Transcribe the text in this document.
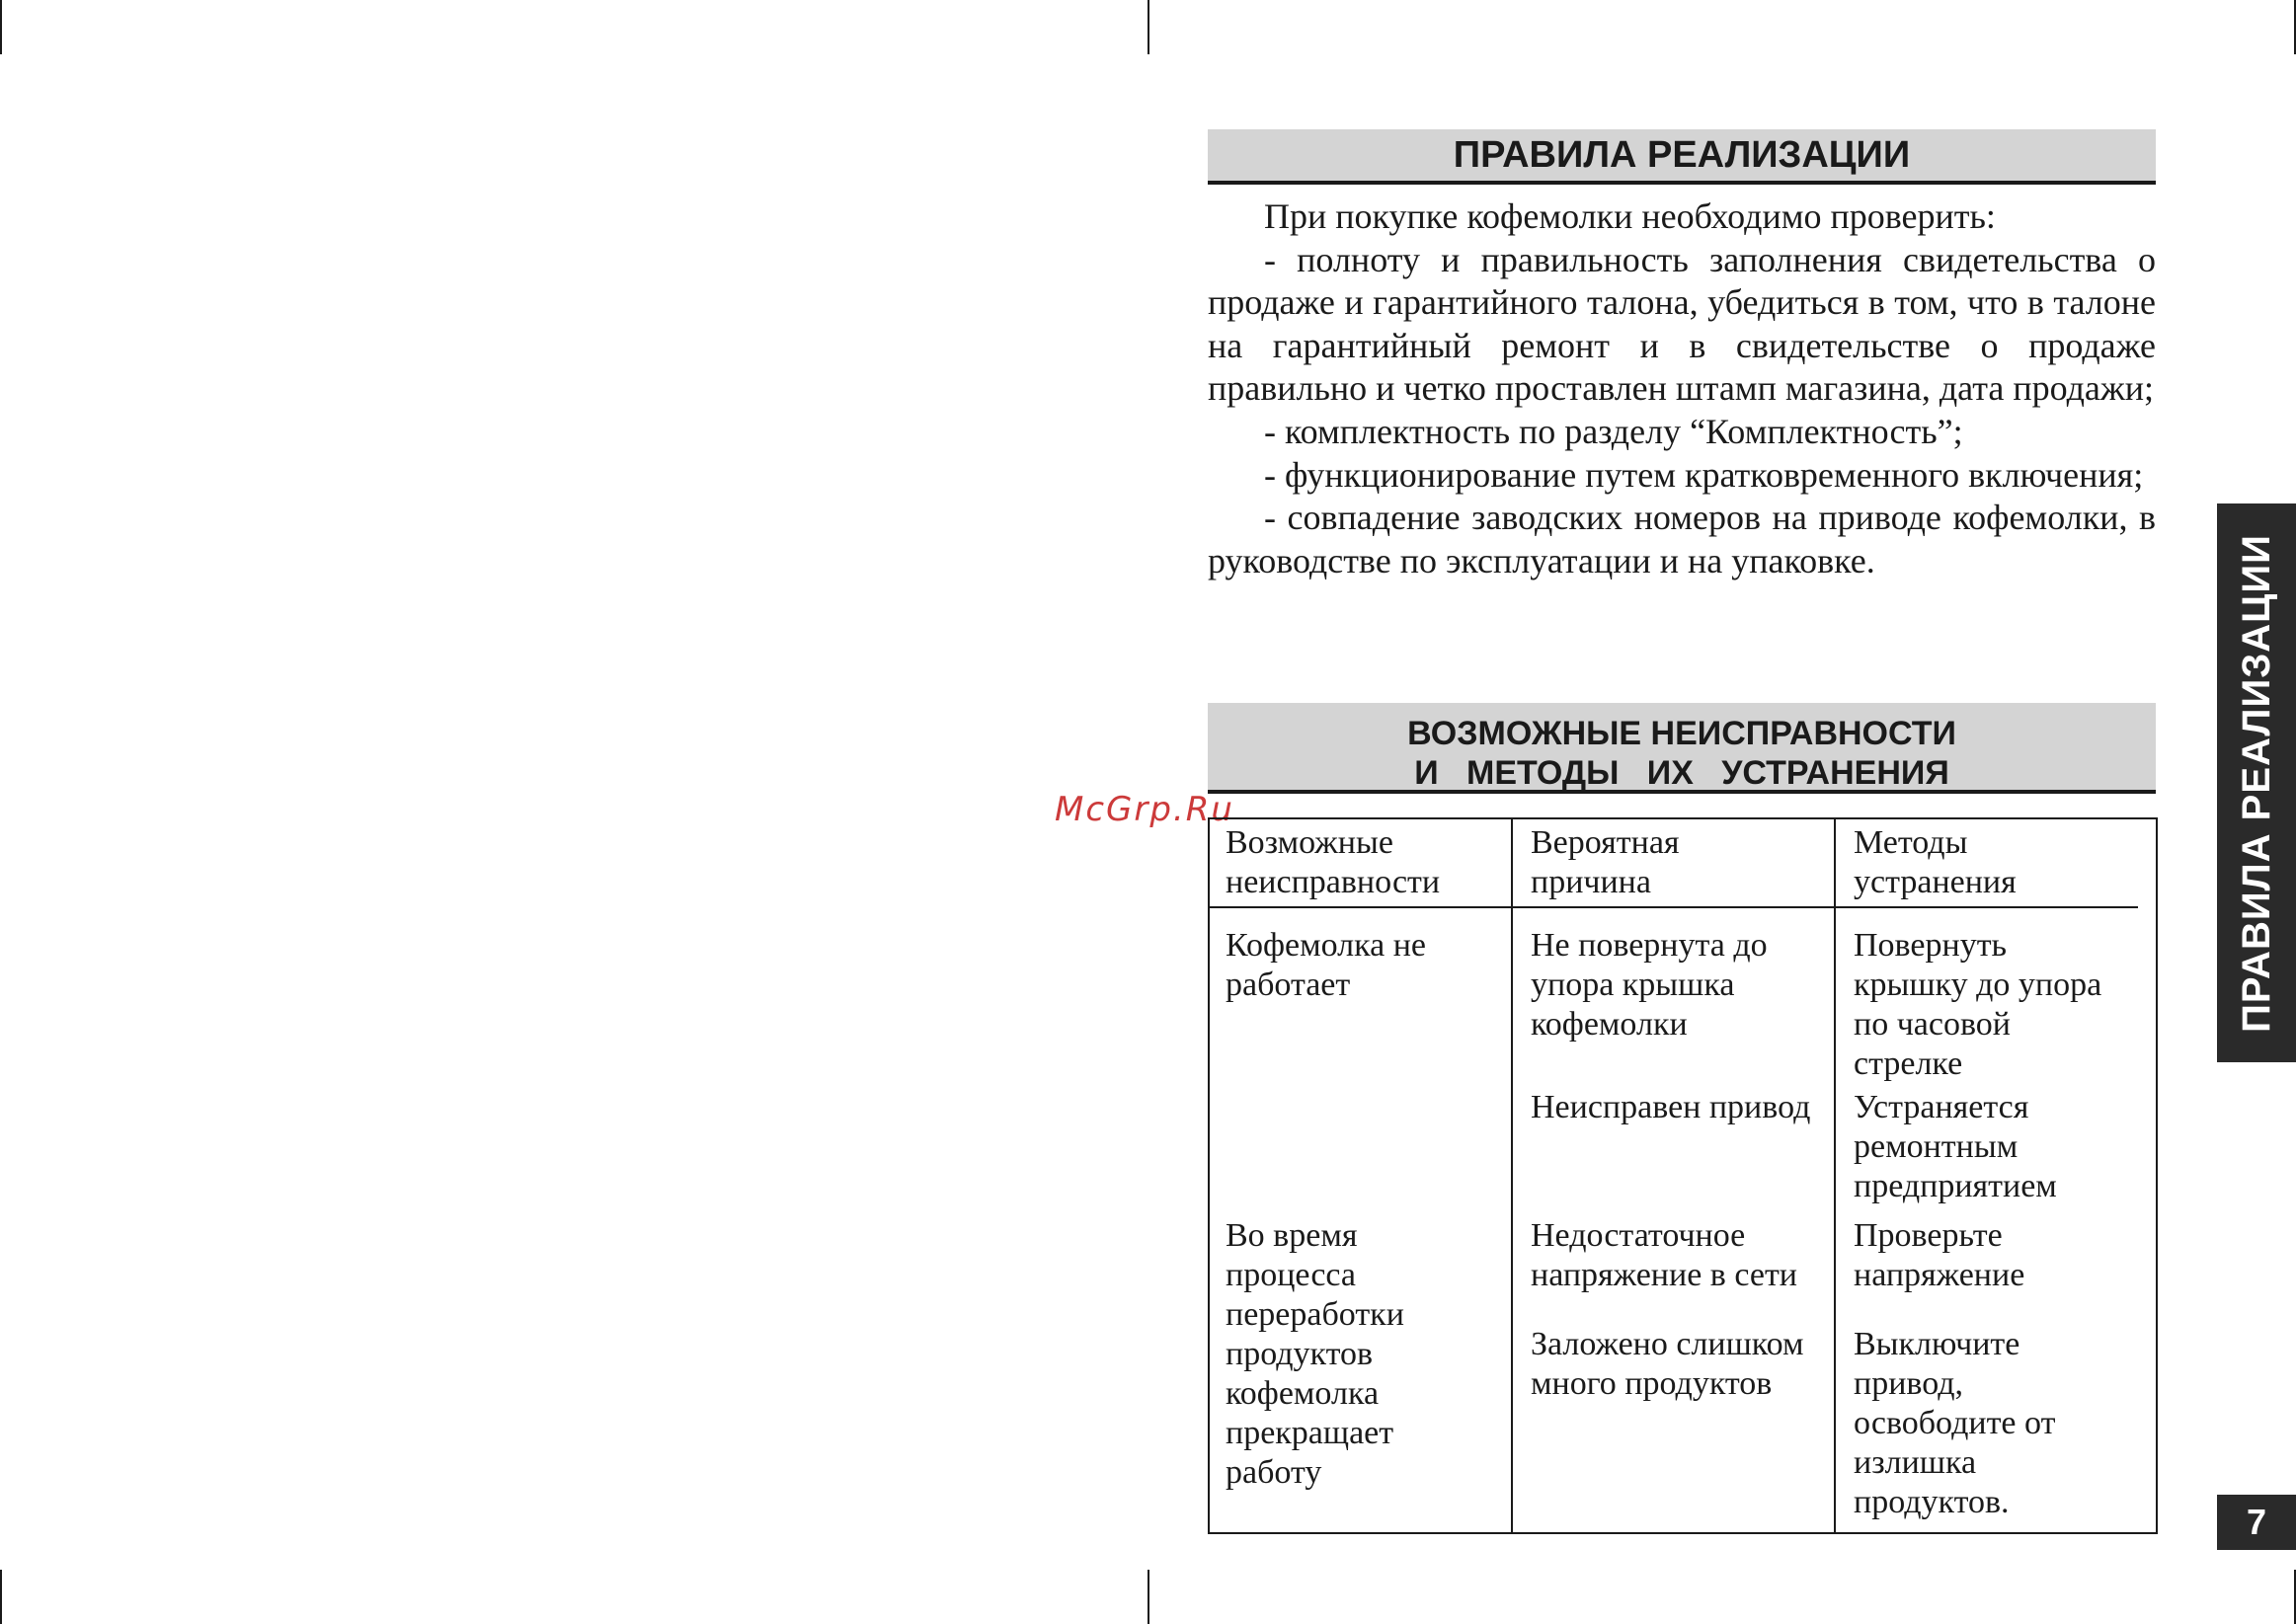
ПРАВИЛА РЕАЛИЗАЦИИ

При покупке кофемолки необходимо проверить:

- полноту и правильность заполнения свидетельства о продаже и гарантийного талона, убедиться в том, что в талоне на гарантийный ремонт и в свидетельстве о продаже правильно и четко проставлен штамп магазина, дата продажи;

- комплектность по разделу “Комплектность”;

- функционирование путем кратковременного включения;

- совпадение заводских номеров на приводе кофемолки, в руководстве по эксплуатации и на упаковке.

ВОЗМОЖНЫЕ НЕИСПРАВНОСТИ
И   МЕТОДЫ   ИХ   УСТРАНЕНИЯ
McGrp.Ru
Возможные
неисправности
Вероятная
причина
Методы
устранения
Кофемолка не
работает
Не повернута до
упора крышка
кофемолки
Повернуть
крышку до упора
по часовой
стрелке
Неисправен привод Устраняется
ремонтным
предприятием
Во время
процесса
переработки
продуктов
кофемолка
прекращает
работу
Недостаточное
напряжение в сети
Проверьте
напряжение
Заложено слишком
много продуктов
Выключите
привод,
освободите от
излишка
продуктов.
ПРАВИЛА РЕАЛИЗАЦИИ
7
